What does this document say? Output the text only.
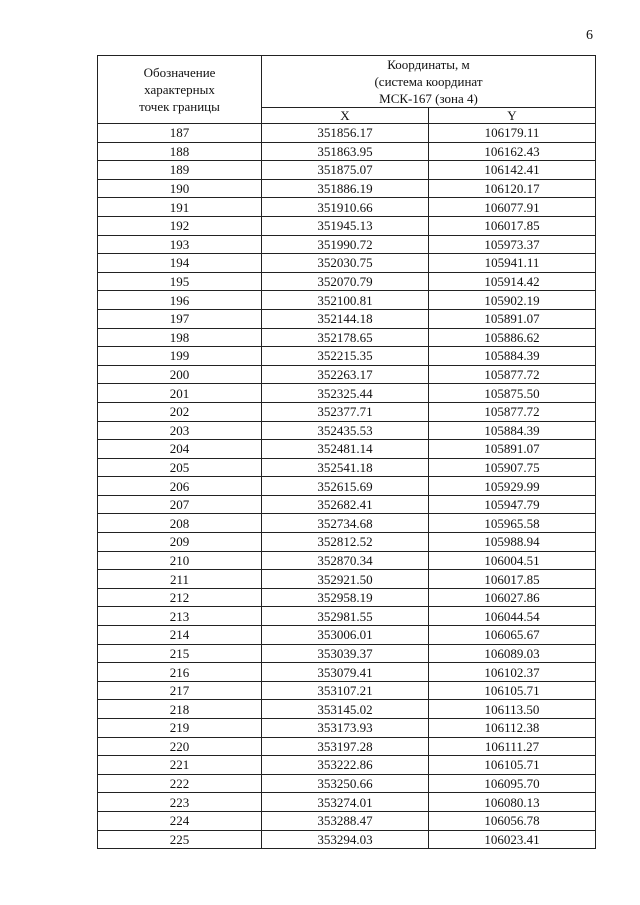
6
Обозначение
характерных
точек границы	Координаты, м
(система координат
МСК-167 (зона 4)	

	X	Y
187	351856.17	106179.11
188	351863.95	106162.43
189	351875.07	106142.41
190	351886.19	106120.17
191	351910.66	106077.91
192	351945.13	106017.85
193	351990.72	105973.37
194	352030.75	105941.11
195	352070.79	105914.42
196	352100.81	105902.19
197	352144.18	105891.07
198	352178.65	105886.62
199	352215.35	105884.39
200	352263.17	105877.72
201	352325.44	105875.50
202	352377.71	105877.72
203	352435.53	105884.39
204	352481.14	105891.07
205	352541.18	105907.75
206	352615.69	105929.99
207	352682.41	105947.79
208	352734.68	105965.58
209	352812.52	105988.94
210	352870.34	106004.51
211	352921.50	106017.85
212	352958.19	106027.86
213	352981.55	106044.54
214	353006.01	106065.67
215	353039.37	106089.03
216	353079.41	106102.37
217	353107.21	106105.71
218	353145.02	106113.50
219	353173.93	106112.38
220	353197.28	106111.27
221	353222.86	106105.71
222	353250.66	106095.70
223	353274.01	106080.13
224	353288.47	106056.78
225	353294.03	106023.41
